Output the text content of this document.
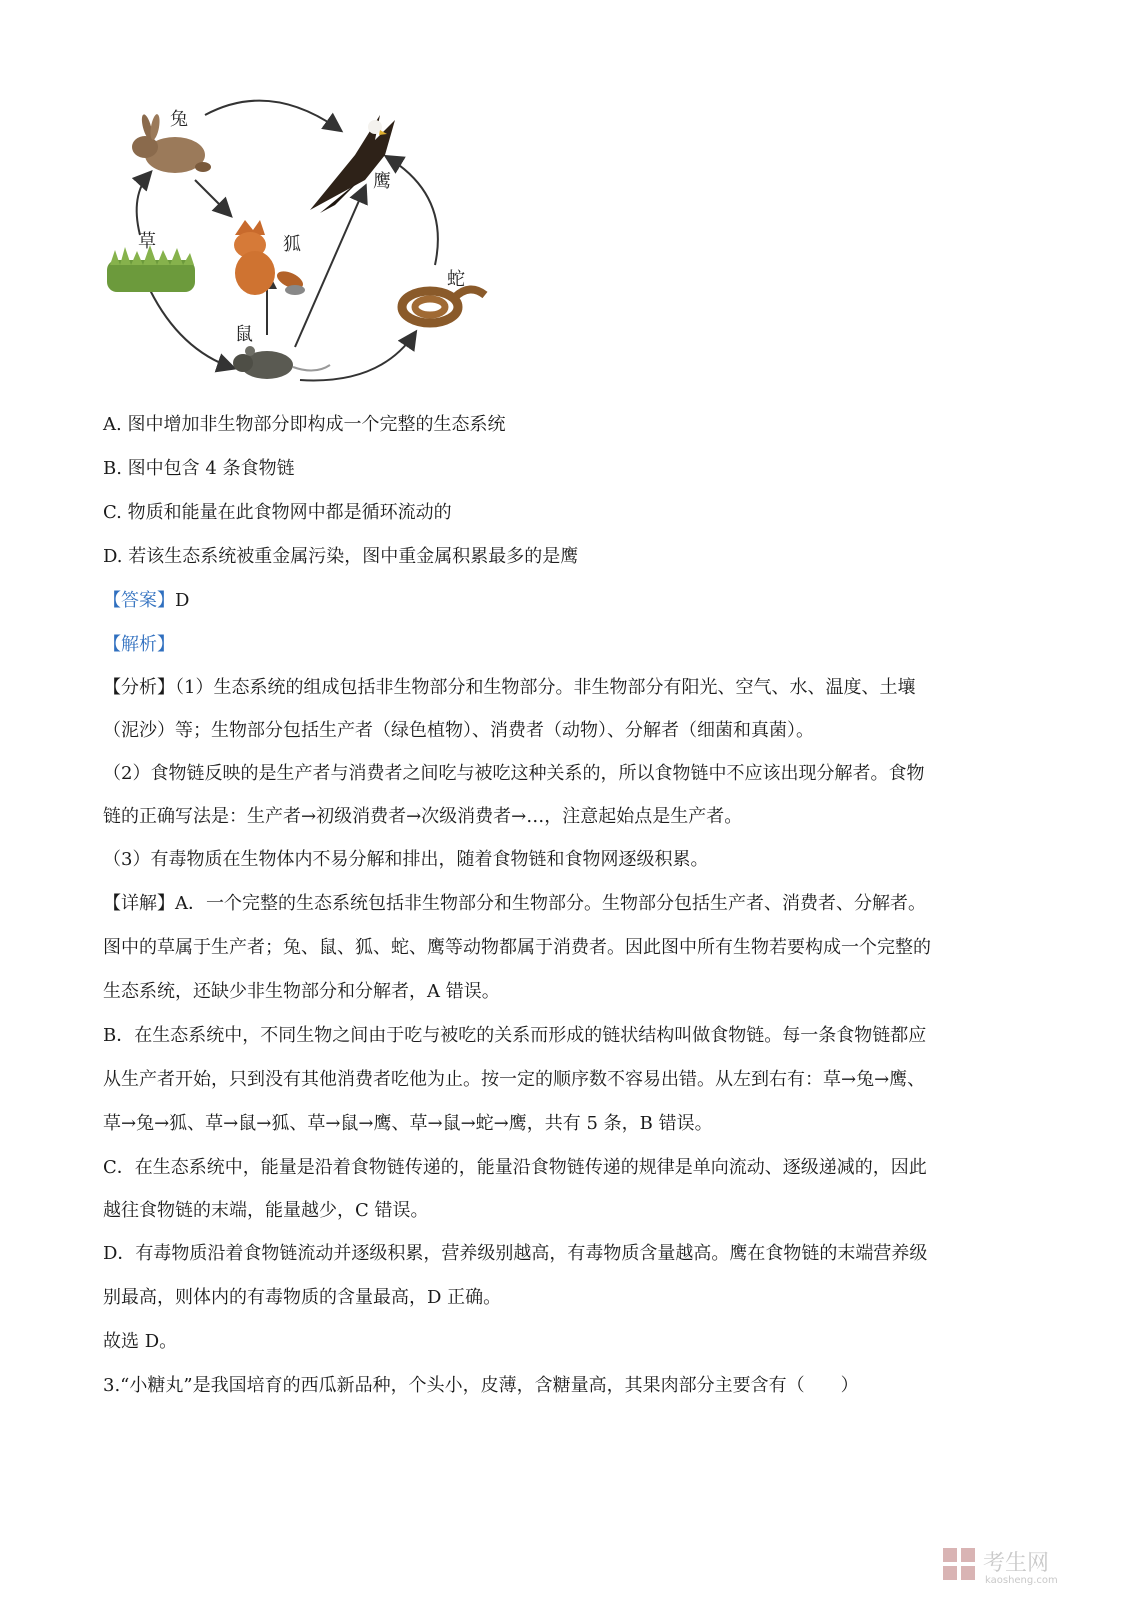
兔
鹰
草	狐
蛇
鼠
A. 图中增加非生物部分即构成一个完整的生态系统
B. 图中包含 4 条食物链
C. 物质和能量在此食物网中都是循环流动的
D. 若该生态系统被重金属污染，图中重金属积累最多的是鹰
【答案】D
【解析】
【分析】（1）生态系统的组成包括非生物部分和生物部分。非生物部分有阳光、空气、水、温度、土壤
（泥沙）等；生物部分包括生产者（绿色植物）、消费者（动物）、分解者（细菌和真菌）。
（2）食物链反映的是生产者与消费者之间吃与被吃这种关系的，所以食物链中不应该出现分解者。食物
链的正确写法是：生产者→初级消费者→次级消费者→…，注意起始点是生产者。
（3）有毒物质在生物体内不易分解和排出，随着食物链和食物网逐级积累。
【详解】A．一个完整的生态系统包括非生物部分和生物部分。生物部分包括生产者、消费者、分解者。
图中的草属于生产者；兔、鼠、狐、蛇、鹰等动物都属于消费者。因此图中所有生物若要构成一个完整的
生态系统，还缺少非生物部分和分解者，A 错误。
B．在生态系统中，不同生物之间由于吃与被吃的关系而形成的链状结构叫做食物链。每一条食物链都应
从生产者开始，只到没有其他消费者吃他为止。按一定的顺序数不容易出错。从左到右有：草→兔→鹰、
草→兔→狐、草→鼠→狐、草→鼠→鹰、草→鼠→蛇→鹰，共有 5 条，B 错误。
C．在生态系统中，能量是沿着食物链传递的，能量沿食物链传递的规律是单向流动、逐级递减的，因此
越往食物链的末端，能量越少，C 错误。
D．有毒物质沿着食物链流动并逐级积累，营养级别越高，有毒物质含量越高。鹰在食物链的末端营养级
别最高，则体内的有毒物质的含量最高，D 正确。
故选 D。
3.“小糖丸”是我国培育的西瓜新品种，个头小，皮薄，含糖量高，其果肉部分主要含有（　　）
考生网
kaosheng.com
